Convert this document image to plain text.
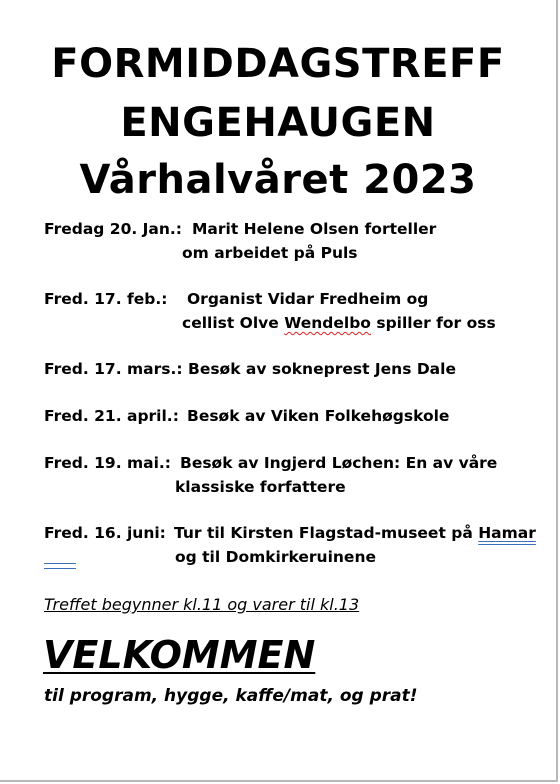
FORMIDDAGSTREFF
ENGEHAUGEN
Vårhalvåret 2023
Fredag 20. Jan.: Marit Helene Olsen forteller
om arbeidet på Puls
Fred. 17. feb.: Organist Vidar Fredheim og
cellist Olve Wendelbo spiller for oss
Fred. 17. mars.: Besøk av sokneprest Jens Dale
Fred. 21. april.: Besøk av Viken Folkehøgskole
Fred. 19. mai.: Besøk av Ingjerd Løchen: En av våre
klassiske forfattere
Fred. 16. juni: Tur til Kirsten Flagstad-museet på Hamar
og til Domkirkeruinene
Treffet begynner kl.11 og varer til kl.13
VELKOMMEN
til program, hygge, kaffe/mat, og prat!
